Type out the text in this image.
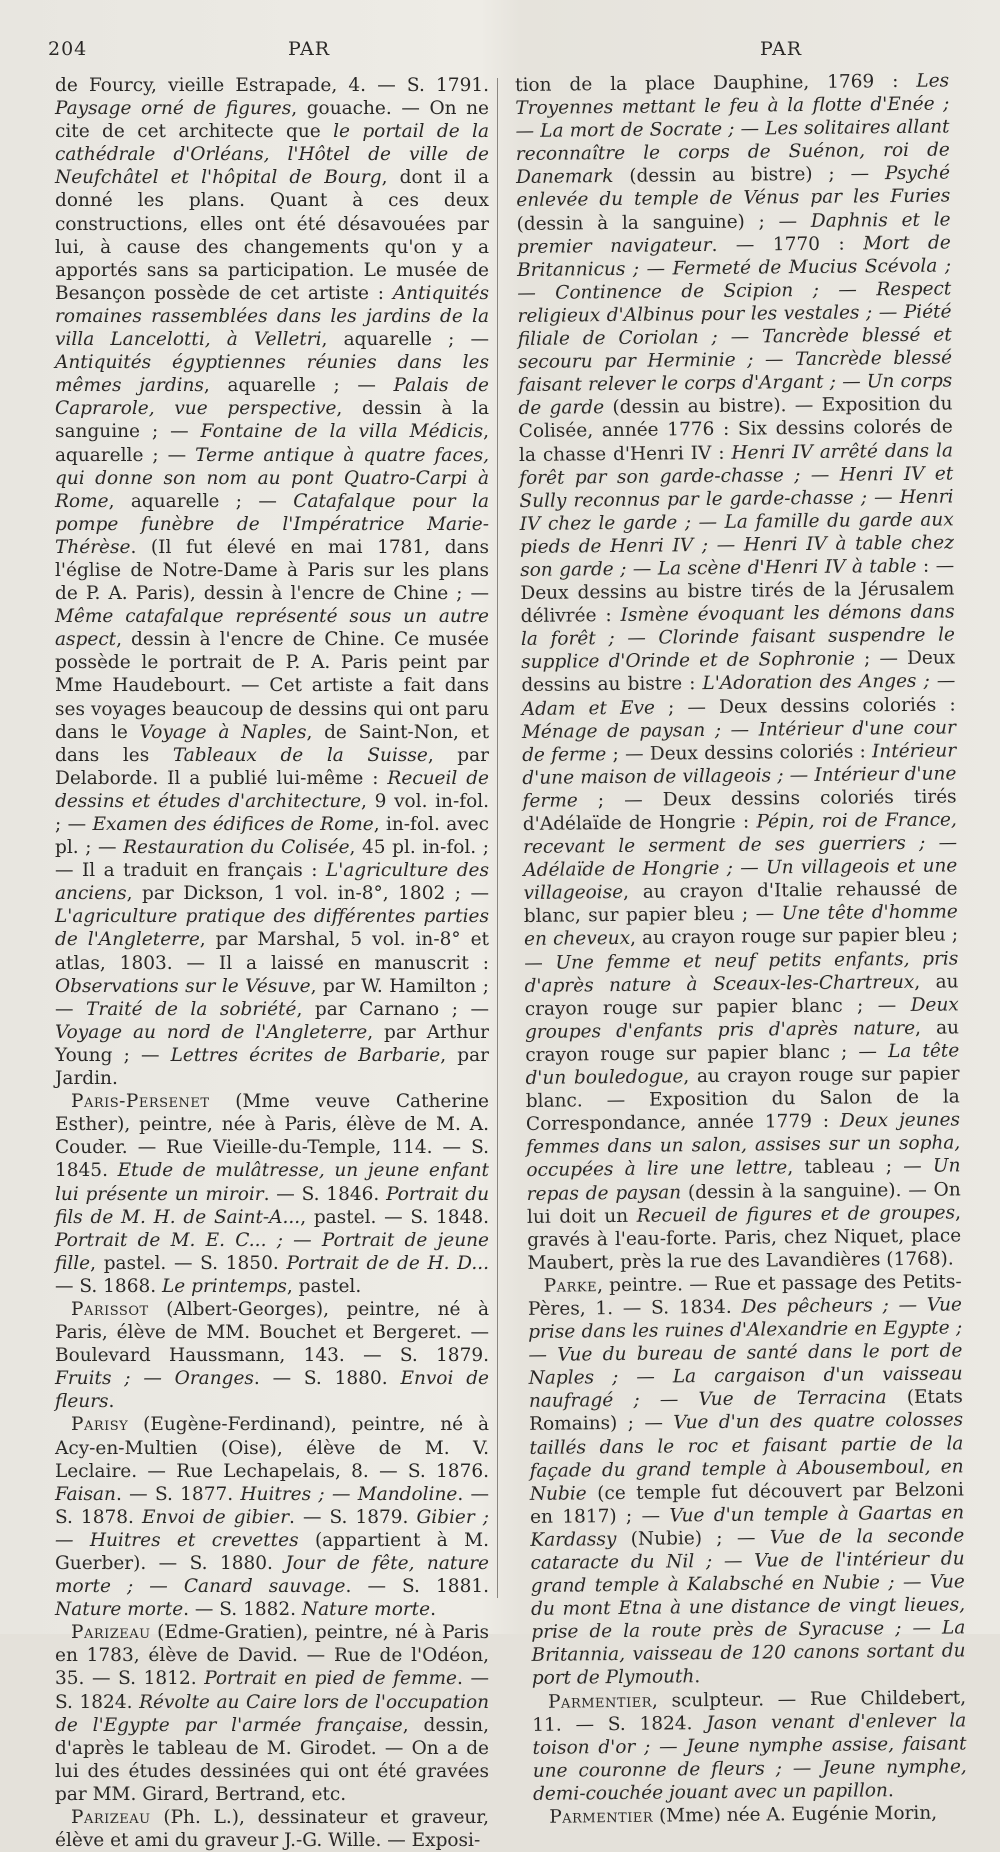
204	PAR	PAR

de Fourcy, vieille Estrapade, 4. — S. 1791. Paysage orné de figures, gouache. — On ne cite de cet architecte que le portail de la cathédrale d'Orléans, l'Hôtel de ville de Neufchâtel et l'hôpital de Bourg, dont il a donné les plans. Quant à ces deux constructions, elles ont été désavouées par lui, à cause des changements qu'on y a apportés sans sa participation. Le musée de Besançon possède de cet artiste : Antiquités romaines rassemblées dans les jardins de la villa Lancelotti, à Velletri, aquarelle ; — Antiquités égyptiennes réunies dans les mêmes jardins, aquarelle ; — Palais de Caprarole, vue perspective, dessin à la sanguine ; — Fontaine de la villa Médicis, aquarelle ; — Terme antique à quatre faces, qui donne son nom au pont Quatro-Carpi à Rome, aquarelle ; — Catafalque pour la pompe funèbre de l'Impératrice Marie-Thérèse. (Il fut élevé en mai 1781, dans l'église de Notre-Dame à Paris sur les plans de P. A. Paris), dessin à l'encre de Chine ; — Même catafalque représenté sous un autre aspect, dessin à l'encre de Chine. Ce musée possède le portrait de P. A. Paris peint par Mme Haudebourt. — Cet artiste a fait dans ses voyages beaucoup de dessins qui ont paru dans le Voyage à Naples, de Saint-Non, et dans les Tableaux de la Suisse, par Delaborde. Il a publié lui-même : Recueil de dessins et études d'architecture, 9 vol. in-fol. ; — Examen des édifices de Rome, in-fol. avec pl. ; — Restauration du Colisée, 45 pl. in-fol. ; — Il a traduit en français : L'agriculture des anciens, par Dickson, 1 vol. in-8°, 1802 ; — L'agriculture pratique des différentes parties de l'Angleterre, par Marshal, 5 vol. in-8° et atlas, 1803. — Il a laissé en manuscrit : Observations sur le Vésuve, par W. Hamilton ; — Traité de la sobriété, par Carnano ; — Voyage au nord de l'Angleterre, par Arthur Young ; — Lettres écrites de Barbarie, par Jardin.

Paris-Persenet (Mme veuve Catherine Esther), peintre, née à Paris, élève de M. A. Couder. — Rue Vieille-du-Temple, 114. — S. 1845. Etude de mulâtresse, un jeune enfant lui présente un miroir. — S. 1846. Portrait du fils de M. H. de Saint-A..., pastel. — S. 1848. Portrait de M. E. C... ; — Portrait de jeune fille, pastel. — S. 1850. Portrait de de H. D... — S. 1868. Le printemps, pastel.

Parissot (Albert-Georges), peintre, né à Paris, élève de MM. Bouchet et Bergeret. — Boulevard Haussmann, 143. — S. 1879. Fruits ; — Oranges. — S. 1880. Envoi de fleurs.

Parisy (Eugène-Ferdinand), peintre, né à Acy-en-Multien (Oise), élève de M. V. Leclaire. — Rue Lechapelais, 8. — S. 1876. Faisan. — S. 1877. Huitres ; — Mandoline. — S. 1878. Envoi de gibier. — S. 1879. Gibier ; — Huitres et crevettes (appartient à M. Guerber). — S. 1880. Jour de fête, nature morte ; — Canard sauvage. — S. 1881. Nature morte. — S. 1882. Nature morte.

Parizeau (Edme-Gratien), peintre, né à Paris en 1783, élève de David. — Rue de l'Odéon, 35. — S. 1812. Portrait en pied de femme. — S. 1824. Révolte au Caire lors de l'occupation de l'Egypte par l'armée française, dessin, d'après le tableau de M. Girodet. — On a de lui des études dessinées qui ont été gravées par MM. Girard, Bertrand, etc.

Parizeau (Ph. L.), dessinateur et graveur, élève et ami du graveur J.-G. Wille. — Exposi-

tion de la place Dauphine, 1769 : Les Troyennes mettant le feu à la flotte d'Enée ; — La mort de Socrate ; — Les solitaires allant reconnaître le corps de Suénon, roi de Danemark (dessin au bistre) ; — Psyché enlevée du temple de Vénus par les Furies (dessin à la sanguine) ; — Daphnis et le premier navigateur. — 1770 : Mort de Britannicus ; — Fermeté de Mucius Scévola ; — Continence de Scipion ; — Respect religieux d'Albinus pour les vestales ; — Piété filiale de Coriolan ; — Tancrède blessé et secouru par Herminie ; — Tancrède blessé faisant relever le corps d'Argant ; — Un corps de garde (dessin au bistre). — Exposition du Colisée, année 1776 : Six dessins colorés de la chasse d'Henri IV : Henri IV arrêté dans la forêt par son garde-chasse ; — Henri IV et Sully reconnus par le garde-chasse ; — Henri IV chez le garde ; — La famille du garde aux pieds de Henri IV ; — Henri IV à table chez son garde ; — La scène d'Henri IV à table : — Deux dessins au bistre tirés de la Jérusalem délivrée : Ismène évoquant les démons dans la forêt ; — Clorinde faisant suspendre le supplice d'Orinde et de Sophronie ; — Deux dessins au bistre : L'Adoration des Anges ; — Adam et Eve ; — Deux dessins coloriés : Ménage de paysan ; — Intérieur d'une cour de ferme ; — Deux dessins coloriés : Intérieur d'une maison de villageois ; — Intérieur d'une ferme ; — Deux dessins coloriés tirés d'Adélaïde de Hongrie : Pépin, roi de France, recevant le serment de ses guerriers ; — Adélaïde de Hongrie ; — Un villageois et une villageoise, au crayon d'Italie rehaussé de blanc, sur papier bleu ; — Une tête d'homme en cheveux, au crayon rouge sur papier bleu ; — Une femme et neuf petits enfants, pris d'après nature à Sceaux-les-Chartreux, au crayon rouge sur papier blanc ; — Deux groupes d'enfants pris d'après nature, au crayon rouge sur papier blanc ; — La tête d'un bouledogue, au crayon rouge sur papier blanc. — Exposition du Salon de la Correspondance, année 1779 : Deux jeunes femmes dans un salon, assises sur un sopha, occupées à lire une lettre, tableau ; — Un repas de paysan (dessin à la sanguine). — On lui doit un Recueil de figures et de groupes, gravés à l'eau-forte. Paris, chez Niquet, place Maubert, près la rue des Lavandières (1768).

Parke, peintre. — Rue et passage des Petits-Pères, 1. — S. 1834. Des pêcheurs ; — Vue prise dans les ruines d'Alexandrie en Egypte ; — Vue du bureau de santé dans le port de Naples ; — La cargaison d'un vaisseau naufragé ; — Vue de Terracina (Etats Romains) ; — Vue d'un des quatre colosses taillés dans le roc et faisant partie de la façade du grand temple à Abousemboul, en Nubie (ce temple fut découvert par Belzoni en 1817) ; — Vue d'un temple à Gaartas en Kardassy (Nubie) ; — Vue de la seconde cataracte du Nil ; — Vue de l'intérieur du grand temple à Kalabsché en Nubie ; — Vue du mont Etna à une distance de vingt lieues, prise de la route près de Syracuse ; — La Britannia, vaisseau de 120 canons sortant du port de Plymouth.

Parmentier, sculpteur. — Rue Childebert, 11. — S. 1824. Jason venant d'enlever la toison d'or ; — Jeune nymphe assise, faisant une couronne de fleurs ; — Jeune nymphe, demi-couchée jouant avec un papillon.

Parmentier (Mme) née A. Eugénie Morin,
